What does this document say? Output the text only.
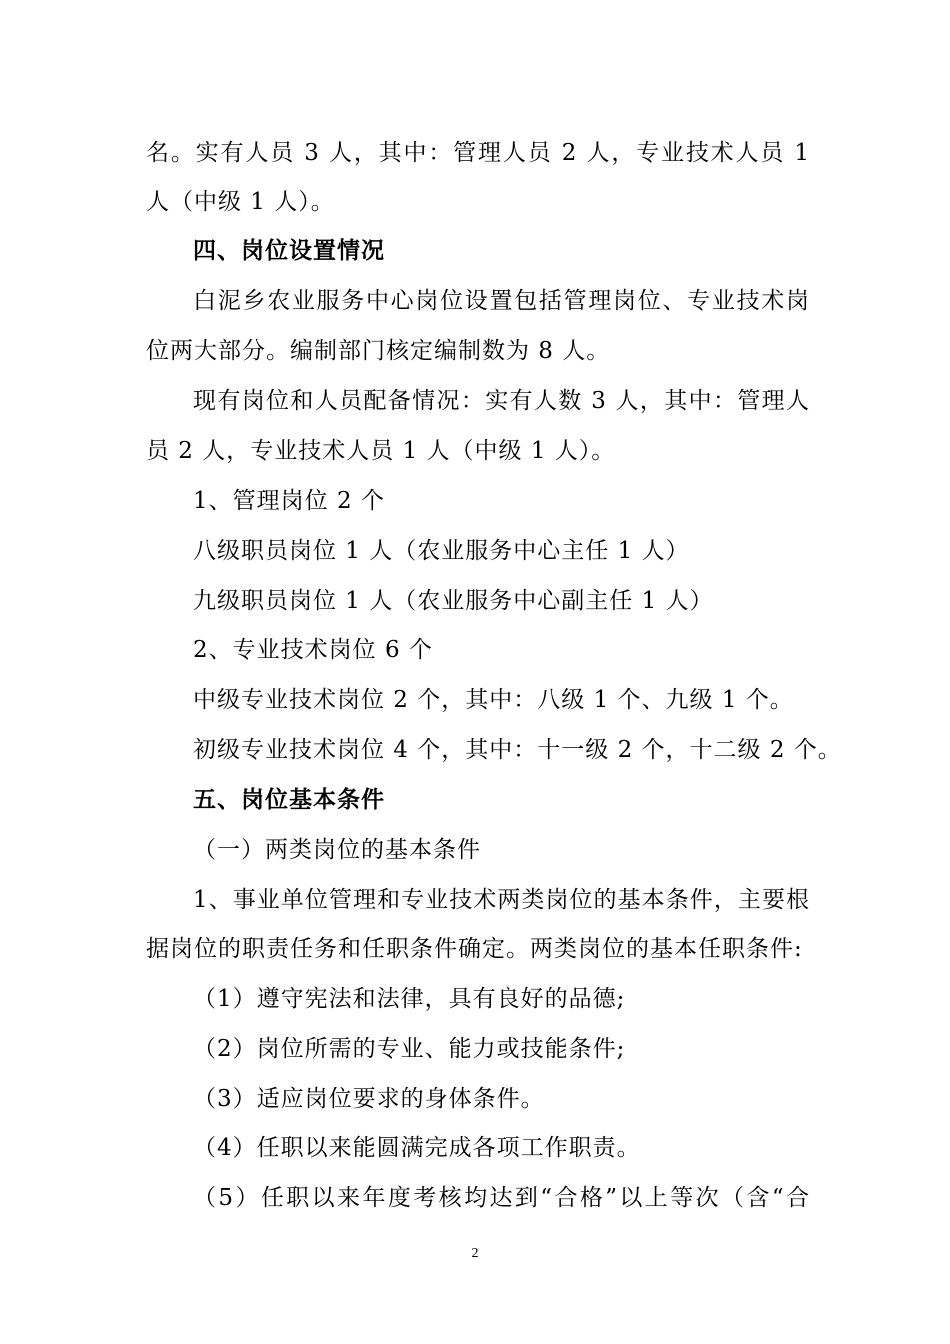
名。实有人员 3 人，其中：管理人员 2 人，专业技术人员 1
人（中级 1 人）。
四、岗位设置情况
白泥乡农业服务中心岗位设置包括管理岗位、专业技术岗
位两大部分。编制部门核定编制数为 8 人。
现有岗位和人员配备情况：实有人数 3 人，其中：管理人
员 2 人，专业技术人员 1 人（中级 1 人）。
1、管理岗位 2 个
八级职员岗位 1 人（农业服务中心主任 1 人）
九级职员岗位 1 人（农业服务中心副主任 1 人）
2、专业技术岗位 6 个
中级专业技术岗位 2 个，其中：八级 1 个、九级 1 个。
初级专业技术岗位 4 个，其中：十一级 2 个，十二级 2 个。
五、岗位基本条件
（一）两类岗位的基本条件
1、事业单位管理和专业技术两类岗位的基本条件，主要根
据岗位的职责任务和任职条件确定。两类岗位的基本任职条件:
（1）遵守宪法和法律，具有良好的品德;
（2）岗位所需的专业、能力或技能条件;
（3）适应岗位要求的身体条件。
（4）任职以来能圆满完成各项工作职责。
（5）任职以来年度考核均达到“合格”以上等次（含“合
2
